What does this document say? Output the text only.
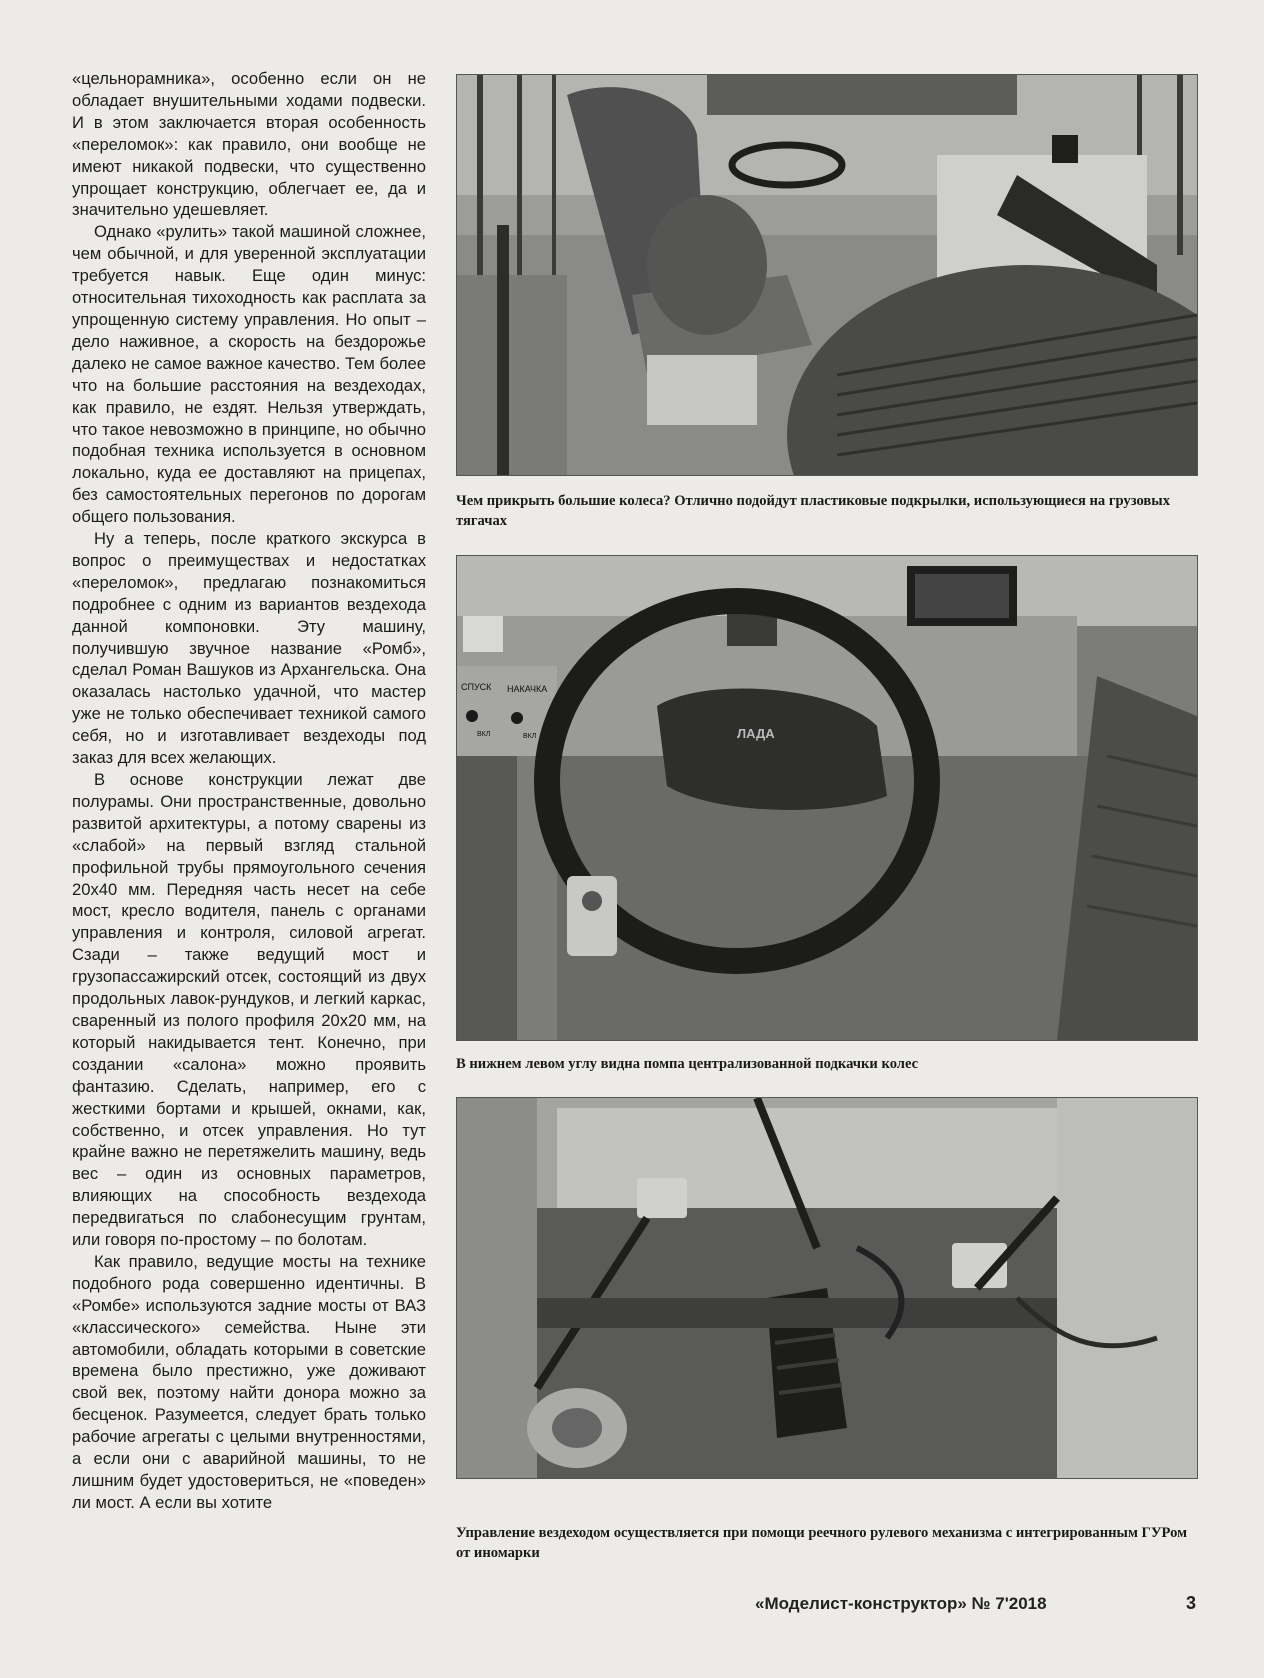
«цельнорамника», особенно если он не обладает внушительными ходами подвески. И в этом заключается вторая особенность «переломок»: как правило, они вообще не имеют никакой подвески, что существенно упрощает конструкцию, облегчает ее, да и значительно удешевляет.

Однако «рулить» такой машиной сложнее, чем обычной, и для уверенной эксплуатации требуется навык. Еще один минус: относительная тихоходность как расплата за упрощенную систему управления. Но опыт – дело наживное, а скорость на бездорожье далеко не самое важное качество. Тем более что на большие расстояния на вездеходах, как правило, не ездят. Нельзя утверждать, что такое невозможно в принципе, но обычно подобная техника используется в основном локально, куда ее доставляют на прицепах, без самостоятельных перегонов по дорогам общего пользования.

Ну а теперь, после краткого экскурса в вопрос о преимуществах и недостатках «переломок», предлагаю познакомиться подробнее с одним из вариантов вездехода данной компоновки. Эту машину, получившую звучное название «Ромб», сделал Роман Вашуков из Архангельска. Она оказалась настолько удачной, что мастер уже не только обеспечивает техникой самого себя, но и изготавливает вездеходы под заказ для всех желающих.

В основе конструкции лежат две полурамы. Они пространственные, довольно развитой архитектуры, а потому сварены из «слабой» на первый взгляд стальной профильной трубы прямоугольного сечения 20х40 мм. Передняя часть несет на себе мост, кресло водителя, панель с органами управления и контроля, силовой агрегат. Сзади – также ведущий мост и грузопассажирский отсек, состоящий из двух продольных лавок-рундуков, и легкий каркас, сваренный из полого профиля 20х20 мм, на который накидывается тент. Конечно, при создании «салона» можно проявить фантазию. Сделать, например, его с жесткими бортами и крышей, окнами, как, собственно, и отсек управления. Но тут крайне важно не перетяжелить машину, ведь вес – один из основных параметров, влияющих на способность вездехода передвигаться по слабонесущим грунтам, или говоря по-простому – по болотам.

Как правило, ведущие мосты на технике подобного рода совершенно идентичны. В «Ромбе» используются задние мосты от ВАЗ «классического» семейства. Ныне эти автомобили, обладать которыми в советские времена было престижно, уже доживают свой век, поэтому найти донора можно за бесценок. Разумеется, следует брать только рабочие агрегаты с целыми внутренностями, а если они с аварийной машины, то не лишним будет удостовериться, не «поведен» ли мост. А если вы хотите

Чем прикрыть большие колеса? Отлично подойдут пластиковые подкрылки, использующиеся на грузовых тягачах
СПУСК НАКАЧКА
ВКЛ	ВКЛ	ЛАДА
В нижнем левом углу видна помпа централизованной подкачки колес
Управление вездеходом осуществляется при помощи реечного рулевого механизма с интегрированным ГУРом от иномарки
«Моделист-конструктор» № 7'2018	3
